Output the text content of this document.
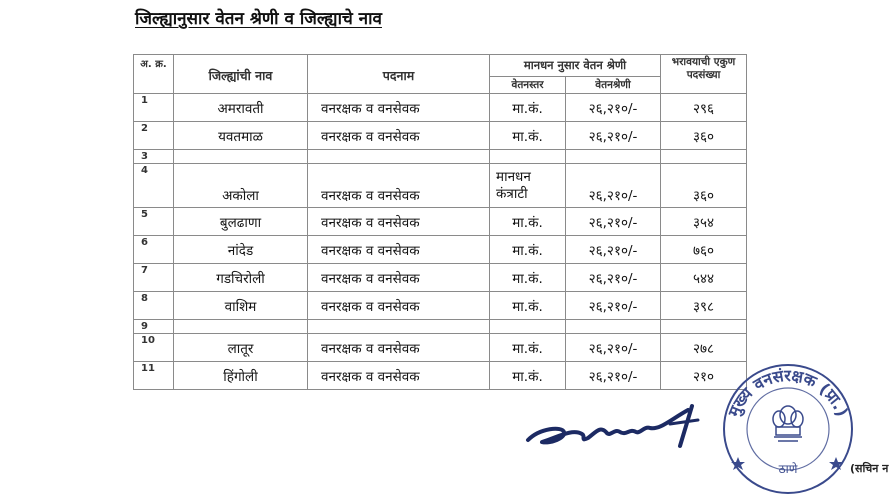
जिल्ह्यानुसार वेतन श्रेणी व जिल्ह्याचे नाव
अ. क्र.	जिल्ह्यांची नाव	पदनाम	मानधन नुसार वेतन श्रेणी		भरावयाची एकुण पदसंख्या
			वेतनस्तर	वेतनश्रेणी	
1	अमरावती	वनरक्षक व वनसेवक	मा.कं.	२६,२१०/-	२९६
2	यवतमाळ	वनरक्षक व वनसेवक	मा.कं.	२६,२१०/-	३६०
3					
4	अकोला	वनरक्षक व वनसेवक	मानधन कंत्राटी	२६,२१०/-	३६०
5	बुलढाणा	वनरक्षक व वनसेवक	मा.कं.	२६,२१०/-	३५४
6	नांदेड	वनरक्षक व वनसेवक	मा.कं.	२६,२१०/-	७६०
7	गडचिरोली	वनरक्षक व वनसेवक	मा.कं.	२६,२१०/-	५४४
8	वाशिम	वनरक्षक व वनसेवक	मा.कं.	२६,२१०/-	३९८
9					
10	लातूर	वनरक्षक व वनसेवक	मा.कं.	२६,२१०/-	२७८
11	हिंगोली	वनरक्षक व वनसेवक	मा.कं.	२६,२१०/-	२१०
मुख्य वनसंरक्षक (प्रा.)
ठाणे	(सचिन न
